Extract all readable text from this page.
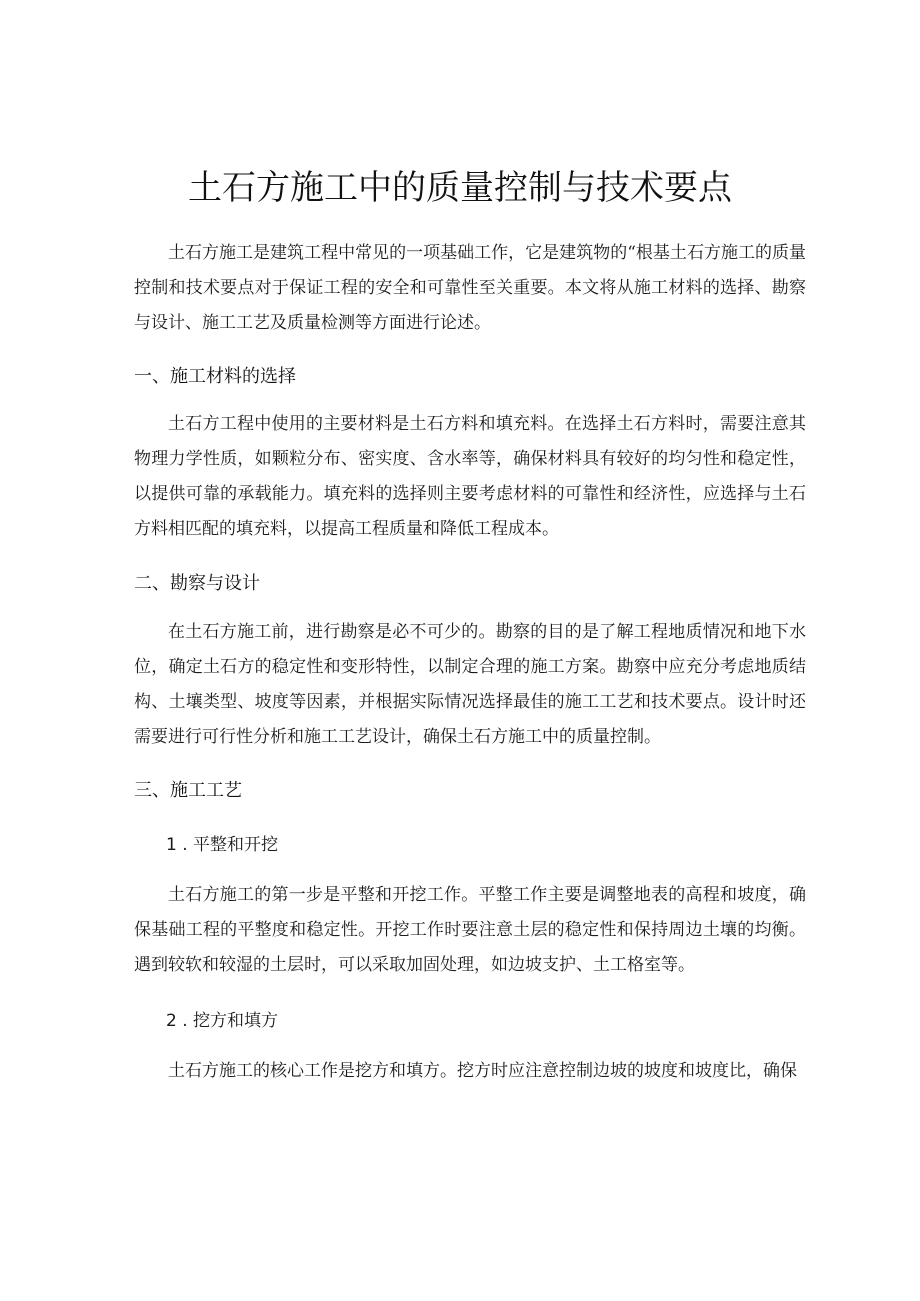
土石方施工中的质量控制与技术要点

土石方施工是建筑工程中常见的一项基础工作，它是建筑物的“根基土石方施工的质量控制和技术要点对于保证工程的安全和可靠性至关重要。本文将从施工材料的选择、勘察与设计、施工工艺及质量检测等方面进行论述。

一、施工材料的选择

土石方工程中使用的主要材料是土石方料和填充料。在选择土石方料时，需要注意其物理力学性质，如颗粒分布、密实度、含水率等，确保材料具有较好的均匀性和稳定性，以提供可靠的承载能力。填充料的选择则主要考虑材料的可靠性和经济性，应选择与土石方料相匹配的填充料，以提高工程质量和降低工程成本。

二、勘察与设计

在土石方施工前，进行勘察是必不可少的。勘察的目的是了解工程地质情况和地下水位，确定土石方的稳定性和变形特性，以制定合理的施工方案。勘察中应充分考虑地质结构、土壤类型、坡度等因素，并根据实际情况选择最佳的施工工艺和技术要点。设计时还需要进行可行性分析和施工工艺设计，确保土石方施工中的质量控制。

三、施工工艺

1 . 平整和开挖

土石方施工的第一步是平整和开挖工作。平整工作主要是调整地表的高程和坡度，确保基础工程的平整度和稳定性。开挖工作时要注意土层的稳定性和保持周边土壤的均衡。遇到较软和较湿的土层时，可以采取加固处理，如边坡支护、土工格室等。

2 . 挖方和填方

土石方施工的核心工作是挖方和填方。挖方时应注意控制边坡的坡度和坡度比，确保
